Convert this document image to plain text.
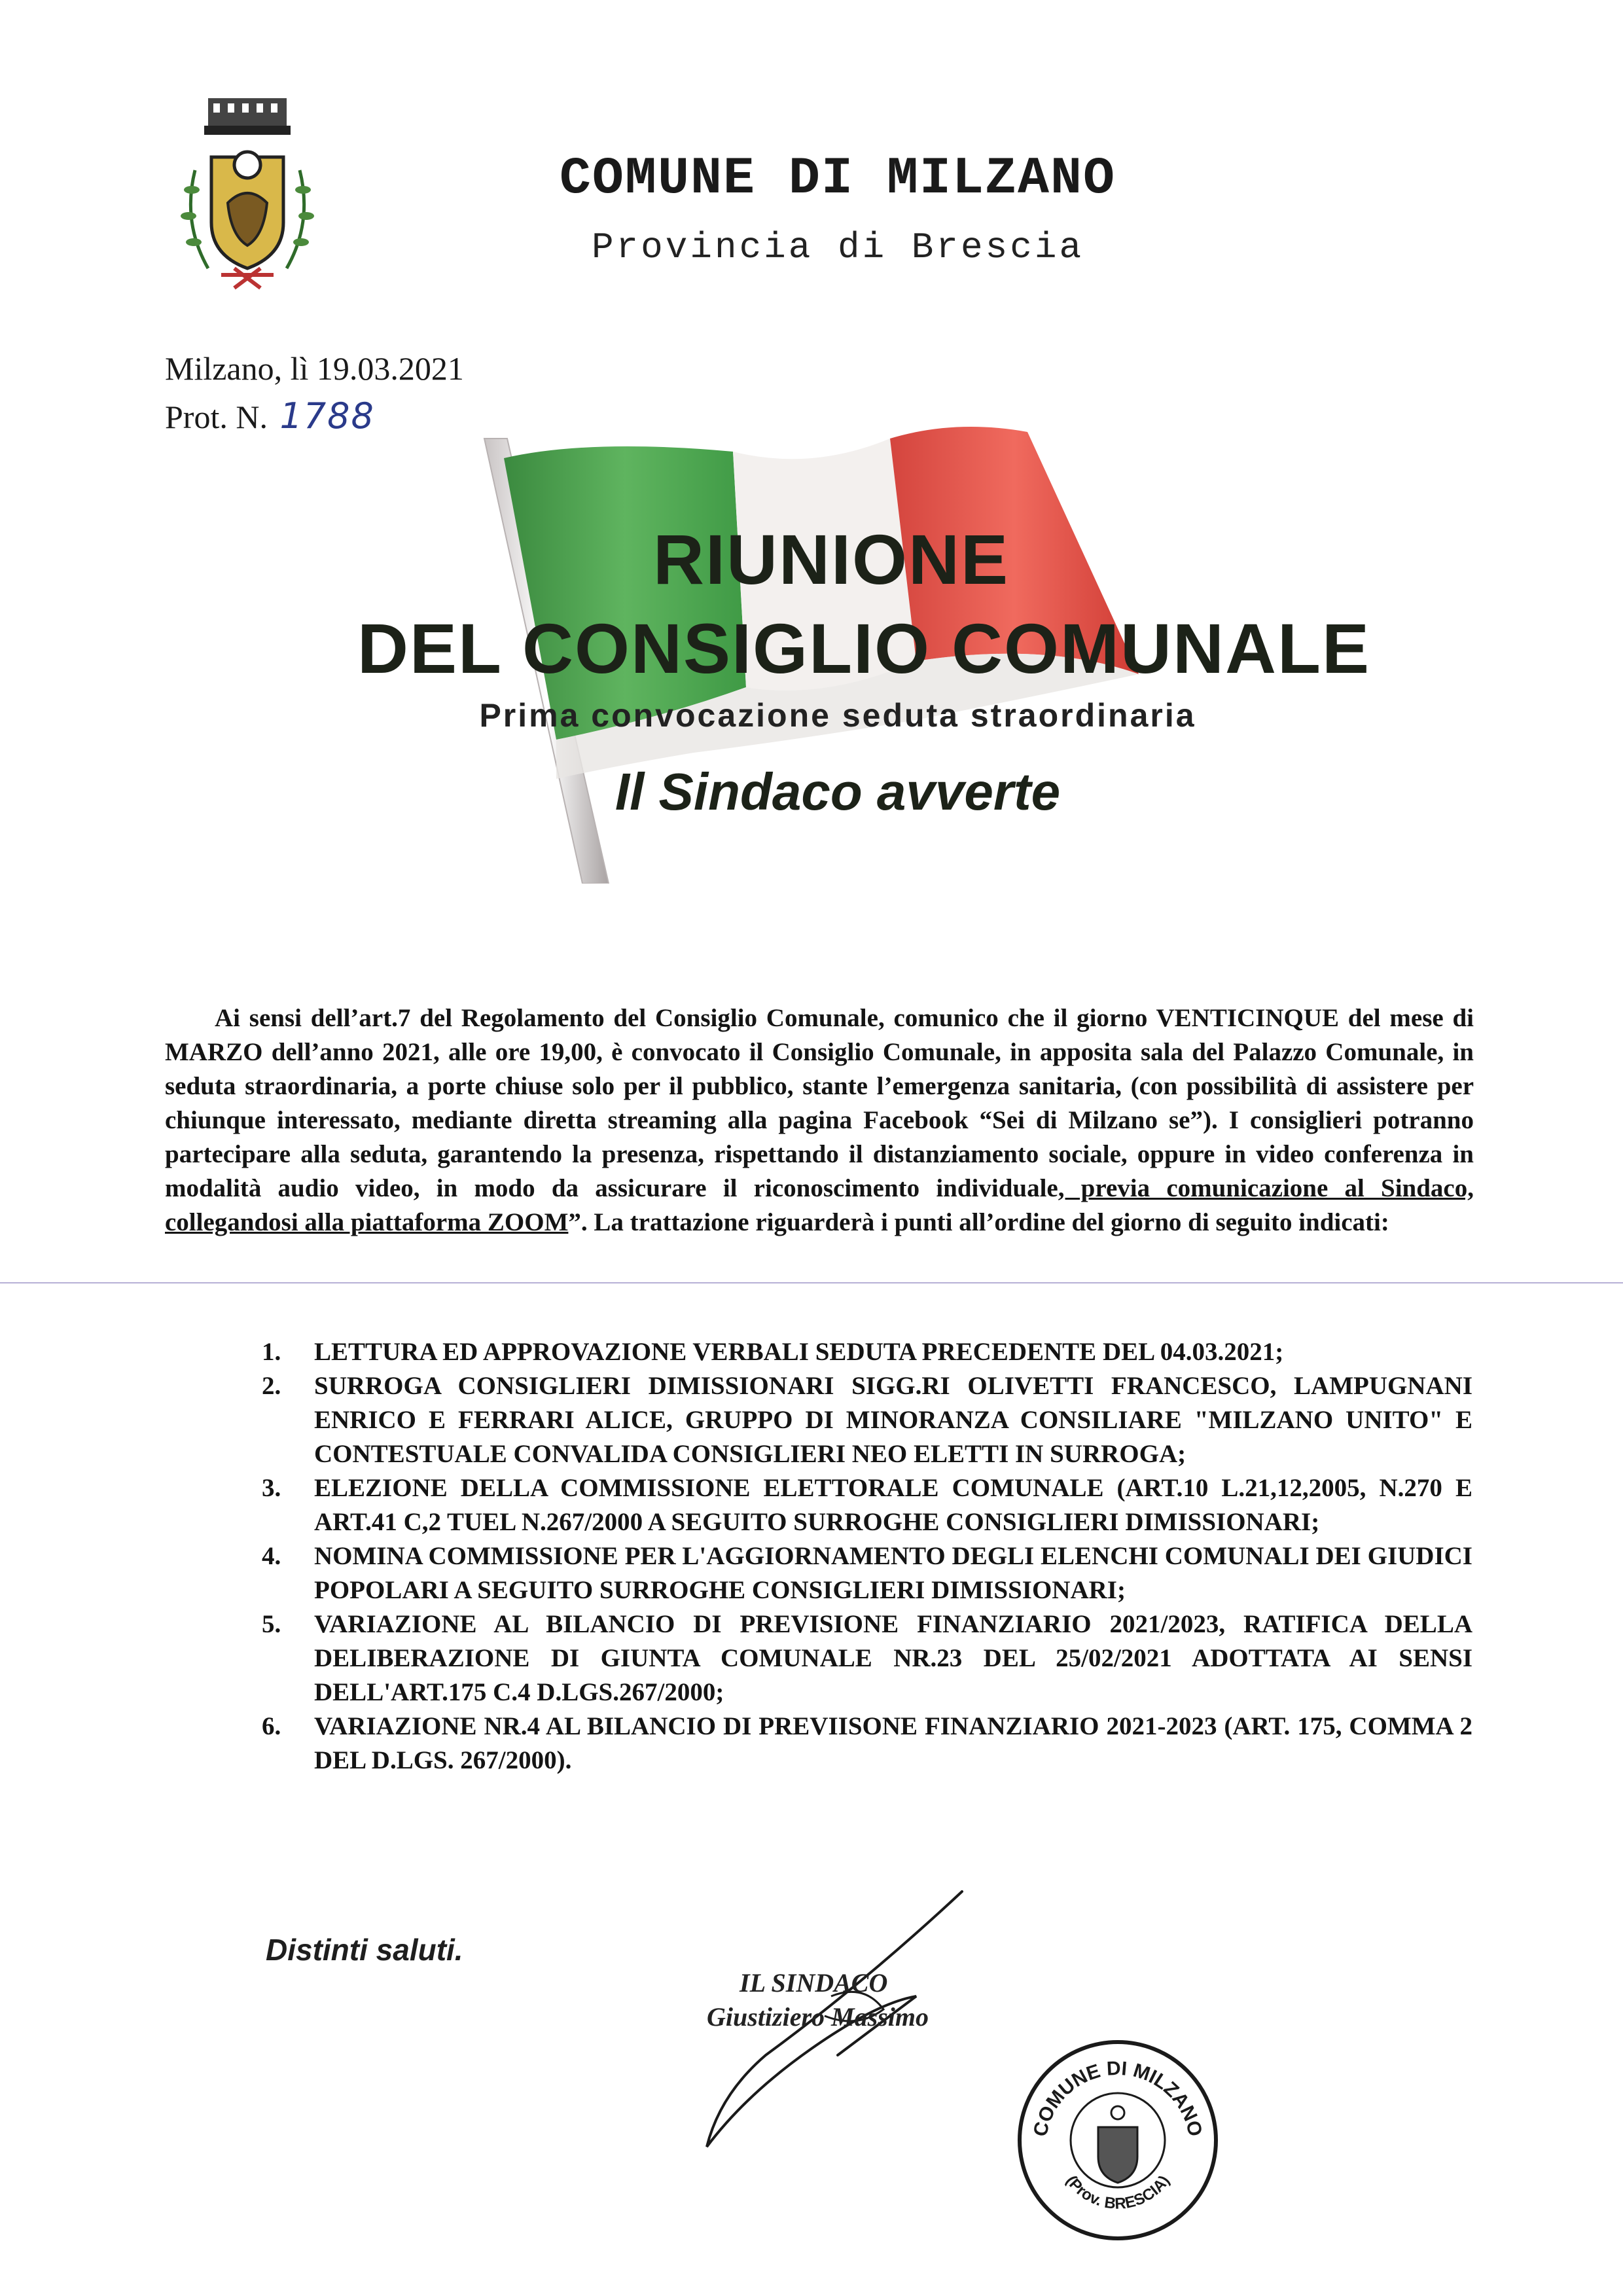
COMUNE DI MILZANO
Provincia di Brescia
Milzano, lì 19.03.2021
Prot. N. 1788
RIUNIONE
DEL CONSIGLIO COMUNALE
Prima convocazione seduta straordinaria
Il Sindaco avverte

Ai sensi dell’art.7 del Regolamento del Consiglio Comunale, comunico che il giorno VENTICINQUE del mese di MARZO dell’anno 2021, alle ore 19,00, è convocato il Consiglio Comunale, in apposita sala del Palazzo Comunale, in seduta straordinaria, a porte chiuse solo per il pubblico, stante l’emergenza sanitaria, (con possibilità di assistere per chiunque interessato, mediante diretta streaming alla pagina Facebook “Sei di Milzano se”). I consiglieri potranno partecipare alla seduta, garantendo la presenza, rispettando il distanziamento sociale, oppure in video conferenza in modalità audio video, in modo da assicurare il riconoscimento individuale, previa comunicazione al Sindaco, collegandosi alla piattaforma ZOOM”. La trattazione riguarderà i punti all’ordine del giorno di seguito indicati:

1. LETTURA ED APPROVAZIONE VERBALI SEDUTA PRECEDENTE DEL 04.03.2021;
2. SURROGA CONSIGLIERI DIMISSIONARI SIGG.RI OLIVETTI FRANCESCO, LAMPUGNANI ENRICO E FERRARI ALICE, GRUPPO DI MINORANZA CONSILIARE "MILZANO UNITO" E CONTESTUALE CONVALIDA CONSIGLIERI NEO ELETTI IN SURROGA;
3. ELEZIONE DELLA COMMISSIONE ELETTORALE COMUNALE (ART.10 L.21,12,2005, N.270 E ART.41 C,2 TUEL N.267/2000 A SEGUITO SURROGHE CONSIGLIERI DIMISSIONARI;
4. NOMINA COMMISSIONE PER L'AGGIORNAMENTO DEGLI ELENCHI COMUNALI DEI GIUDICI POPOLARI A SEGUITO SURROGHE CONSIGLIERI DIMISSIONARI;
5. VARIAZIONE AL BILANCIO DI PREVISIONE FINANZIARIO 2021/2023, RATIFICA DELLA DELIBERAZIONE DI GIUNTA COMUNALE NR.23 DEL 25/02/2021 ADOTTATA AI SENSI DELL'ART.175 C.4 D.LGS.267/2000;
6. VARIAZIONE NR.4 AL BILANCIO DI PREVIISONE FINANZIARIO 2021-2023 (ART. 175, COMMA 2 DEL D.LGS. 267/2000).
Distinti saluti.
IL SINDACO
Giustiziero Massimo
COMUNE DI MILZANO
(Prov. BRESCIA)
